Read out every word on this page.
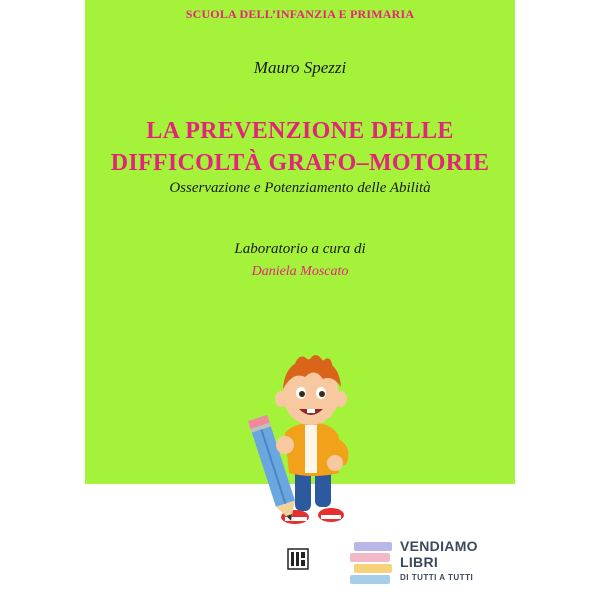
SCUOLA DELL’INFANZIA E PRIMARIA
Mauro Spezzi
LA PREVENZIONE DELLE
DIFFICOLTÀ GRAFO–MOTORIE
Osservazione e Potenziamento delle Abilità
Laboratorio a cura di
Daniela Moscato
VENDIAMO
LIBRI
DI TUTTI A TUTTI
